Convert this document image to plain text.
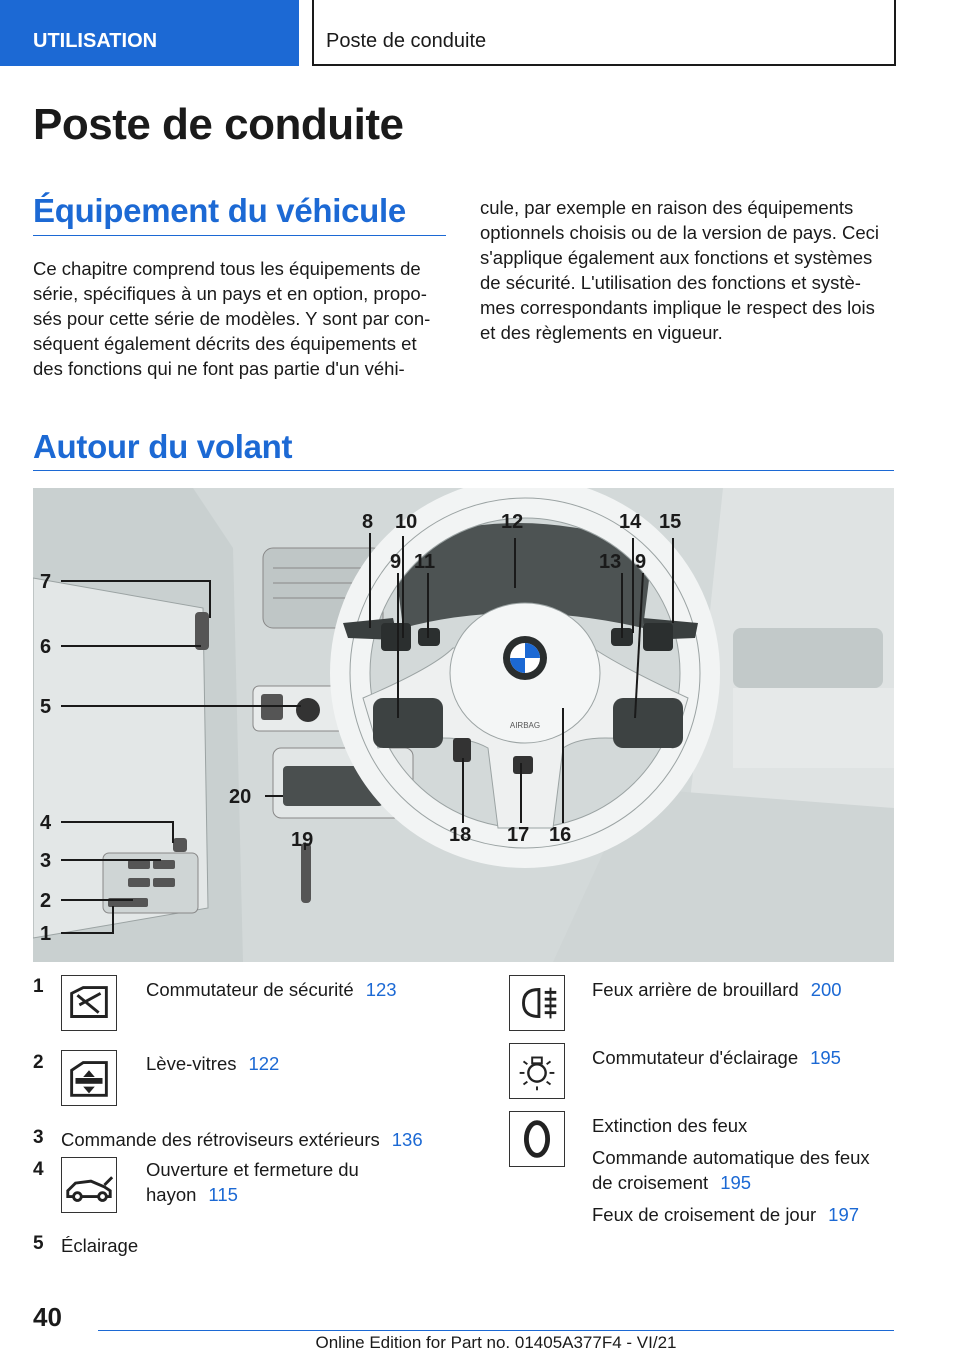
UTILISATION	Poste de conduite
Poste de conduite
Équipement du véhicule
Ce chapitre comprend tous les équipements de
série, spécifiques à un pays et en option, propo-
sés pour cette série de modèles. Y sont par con-
séquent également décrits des équipements et
des fonctions qui ne font pas partie d'un véhi-
cule, par exemple en raison des équipements
optionnels choisis ou de la version de pays. Ceci
s'applique également aux fonctions et systèmes
de sécurité. L'utilisation des fonctions et systè-
mes correspondants implique le respect des lois
et des règlements en vigueur.
Autour du volant
AIRBAG
7
6
5
4
3
2
1
20
19
8 10
9 11
12	14 15
13 9
18 17 16
1	Commutateur de sécurité 123
2	Lève-vitres 122
3 Commande des rétroviseurs extérieurs 136
4	Ouverture et fermeture du
hayon 115
5 Éclairage
Feux arrière de brouillard 200
Commutateur d'éclairage 195
Extinction des feux
Commande automatique des feux
de croisement 195
Feux de croisement de jour 197
40
Online Edition for Part no. 01405A377F4 - VI/21
